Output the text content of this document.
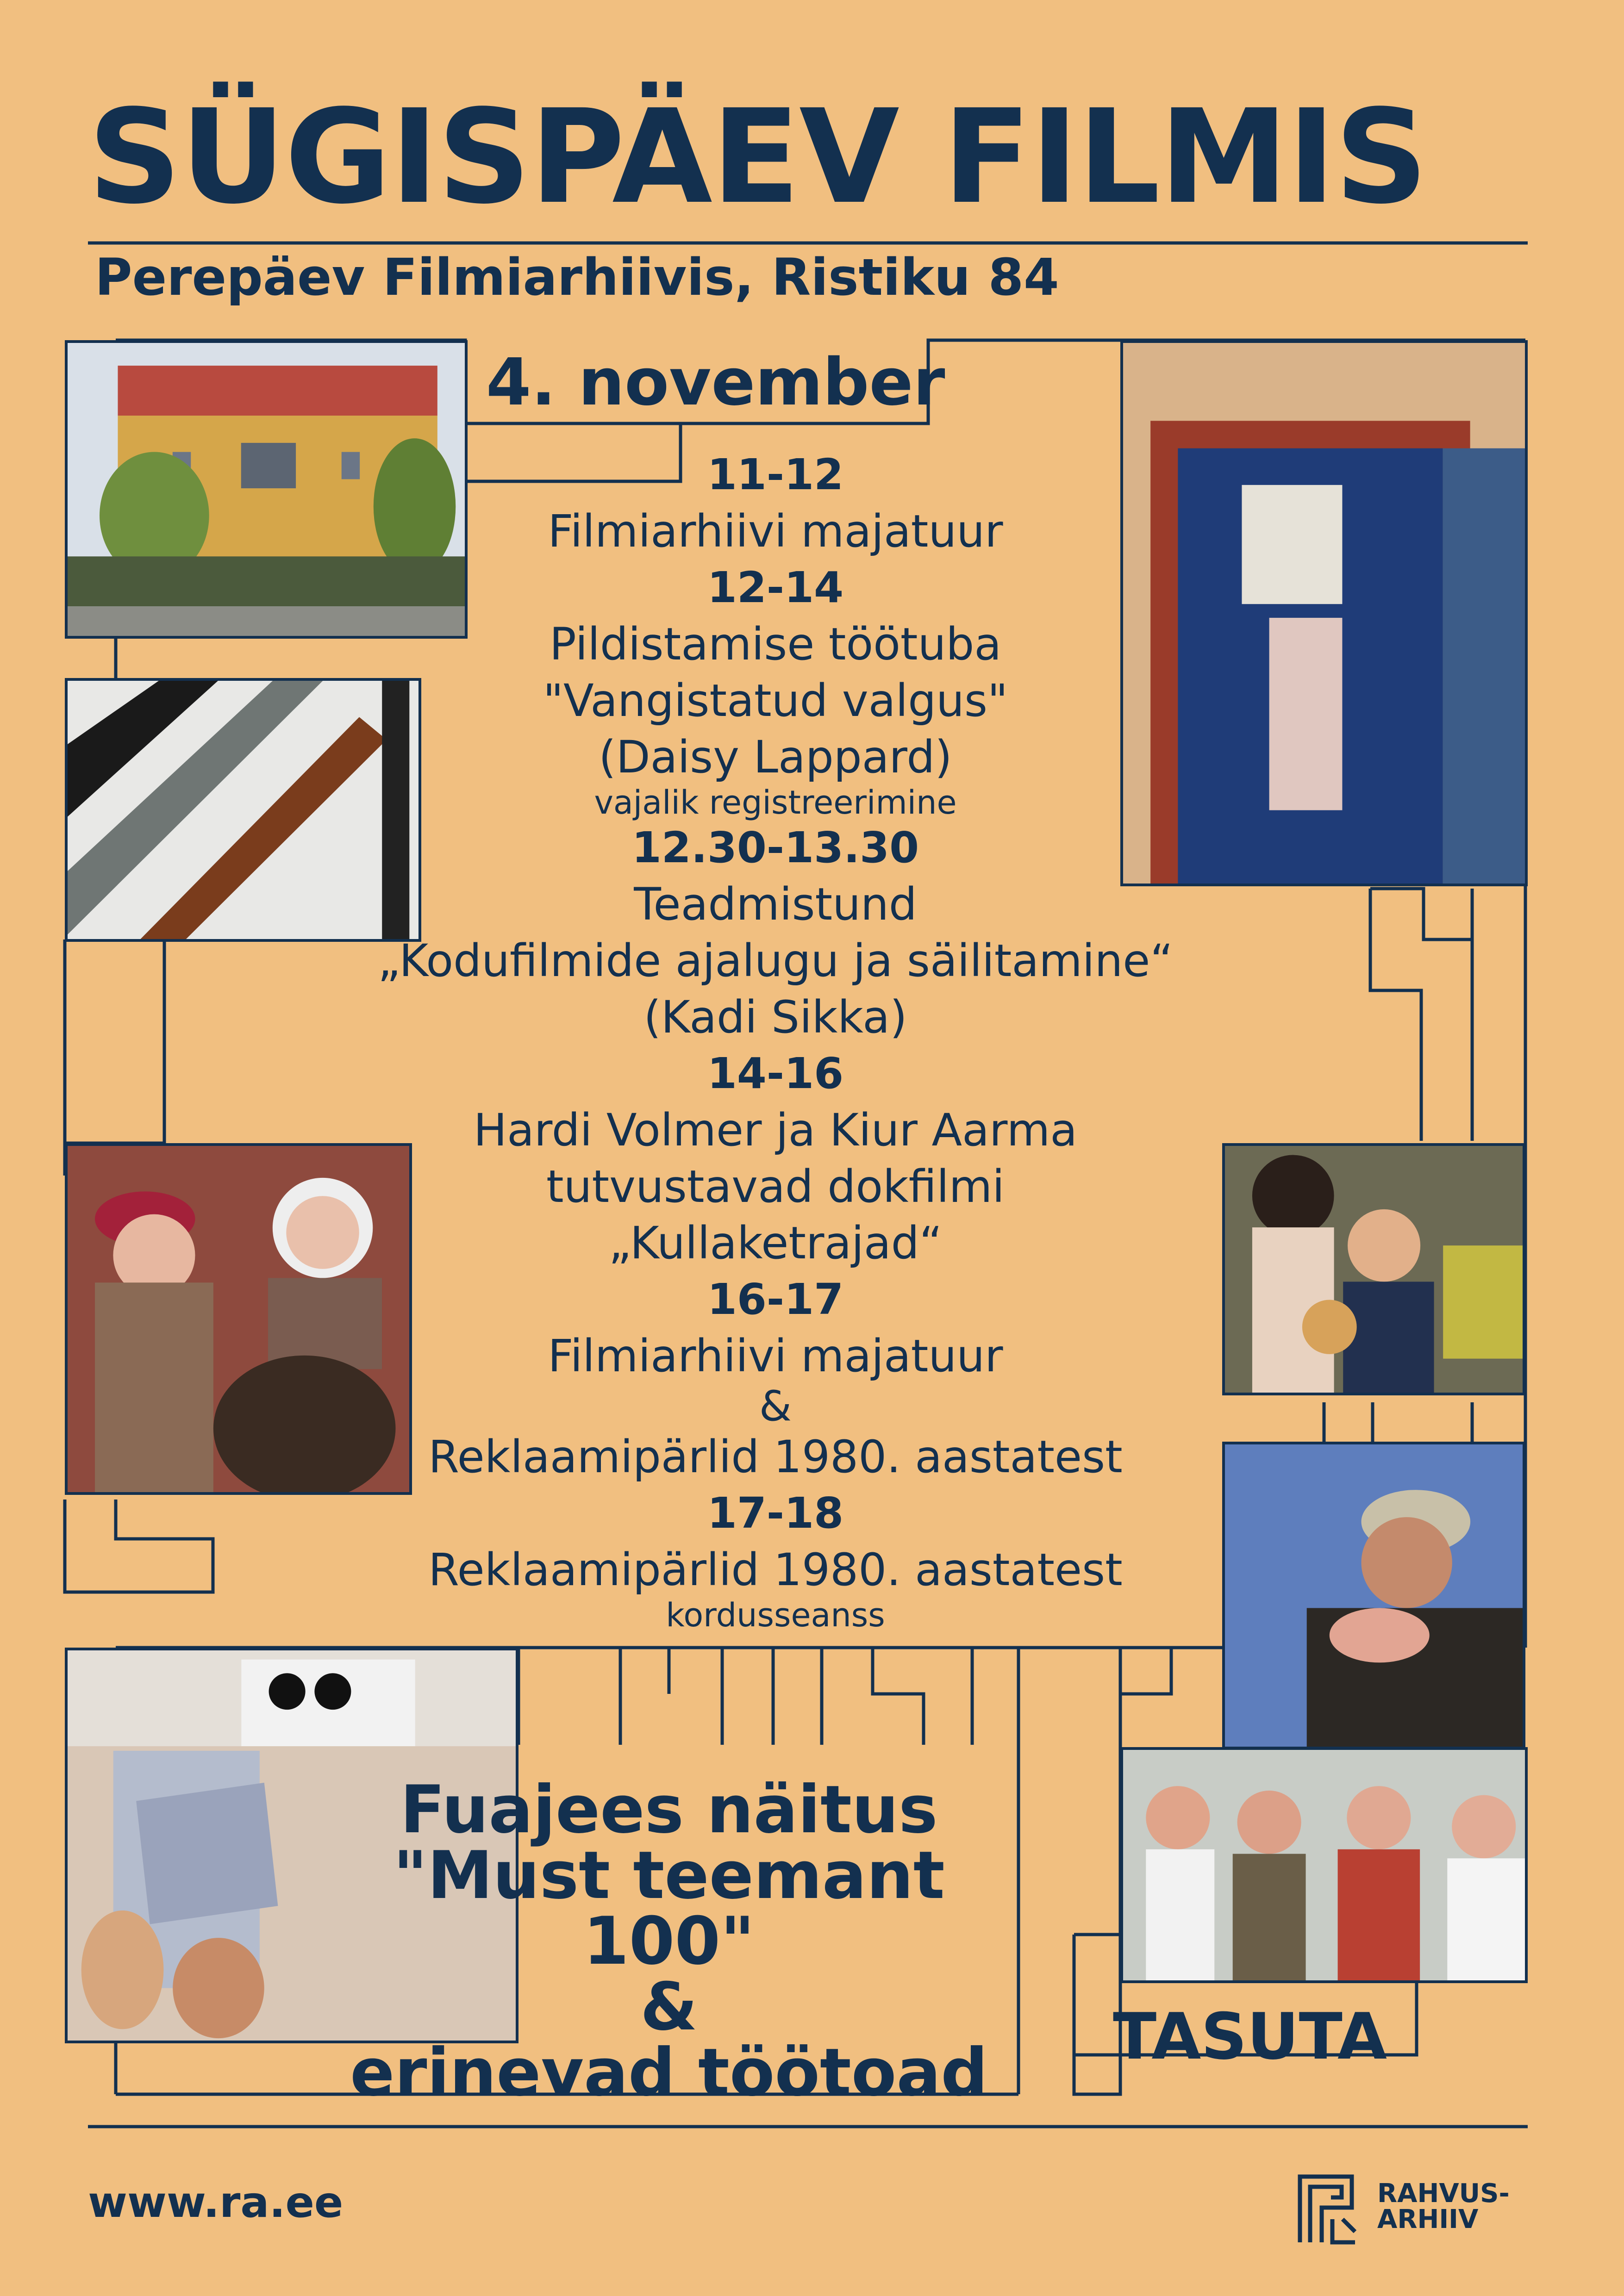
SÜGISPÄEV FILMIS
Perepäev Filmiarhiivis, Ristiku 84
4. november
11-12
Filmiarhiivi majatuur
12-14
Pildistamise töötuba
"Vangistatud valgus"
(Daisy Lappard)
vajalik registreerimine
12.30-13.30
Teadmistund
„Kodufilmide ajalugu ja säilitamine“
(Kadi Sikka)
14-16
Hardi Volmer ja Kiur Aarma
tutvustavad dokfilmi
„Kullaketrajad“
16-17
Filmiarhiivi majatuur
&
Reklaamipärlid 1980. aastatest
17-18
Reklaamipärlid 1980. aastatest
kordusseanss
Fuajees näitus
"Must teemant 100"
&
erinevad töötoad	TASUTA
www.ra.ee	RAHVUS-
ARHIIV
